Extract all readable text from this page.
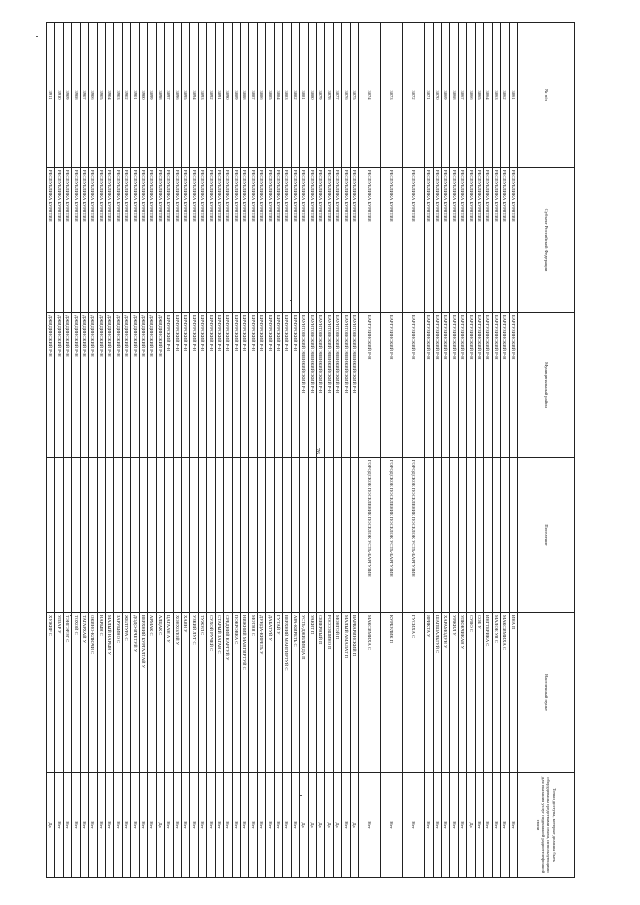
76
№ п/п	Субъект Российской Федерации	Муниципальный район	Поселение	Населенный пункт	Точки доступа, которые должны быть оборудованы средствами связи, использующими для оказания услуг подвижной радиотелефонной связи
3861	РЕСПУБЛИКА БУРЯТИЯ	БАРГУЗИНСКИЙ Р-Н		ИНА П	Нет
3862	РЕСПУБЛИКА БУРЯТИЯ	БАРГУЗИНСКИЙ Р-Н		МАКСИМИХА С	Нет
3863	РЕСПУБЛИКА БУРЯТИЯ	БАРГУЗИНСКИЙ Р-Н		МАЛОЕ УЯ С	Нет
3864	РЕСПУБЛИКА БУРЯТИЯ	БАРГУЗИНСКИЙ Р-Н		ИНГТЕРИКА С	Нет
3865	РЕСПУБЛИКА БУРЯТИЯ	БАРГУЗИНСКИЙ Р-Н		СОЕ У	Нет
3866	РЕСПУБЛИКА БУРЯТИЯ	БАРГУЗИНСКИЙ Р-Н		СУВО С	Да
3867	РЕСПУБЛИКА БУРЯТИЯ	БАРГУЗИНСКИЙ Р-Н		УЛЮКЧИКАН У	Нет
3868	РЕСПУБЛИКА БУРЯТИЯ	БАРГУЗИНСКИЙ Р-Н		УРЖИЛ У	Нет
3869	РЕСПУБЛИКА БУРЯТИЯ	БАРГУЗИНСКИЙ Р-Н		ХАРАМОДУН У	Нет
3870	РЕСПУБЛИКА БУРЯТИЯ	БАРГУЗИНСКИЙ Р-Н		ШАПШАЛЬТУЙ С	Нет
3871	РЕСПУБЛИКА БУРЯТИЯ	БАРГУЗИНСКИЙ Р-Н		ЯРИКТА У	Нет
3872	РЕСПУБЛИКА БУРЯТИЯ	БАРГУЗИНСКИЙ Р-Н	ГОРОДСКОЕ ПОСЕЛЕНИЕ ПОСЕЛОК УСТЬ-БАРГУЗИН	ГУСИХА С	Нет
3873	РЕСПУБЛИКА БУРЯТИЯ	БАРГУЗИНСКИЙ Р-Н	ГОРОДСКОЕ ПОСЕЛЕНИЕ ПОСЕЛОК УСТЬ-БАРГУЗИН	КУРБУЛИК П	Нет
3874	РЕСПУБЛИКА БУРЯТИЯ	БАРГУЗИНСКИЙ Р-Н	ГОРОДСКОЕ ПОСЕЛЕНИЕ ПОСЕЛОК УСТЬ-БАРГУЗИН	МАКСИМИХА С	Нет
3875	РЕСПУБЛИКА БУРЯТИЯ	БАУНТОВСКИЙ ЭВЕНКИЙСКИЙ Р-Н		ВАРВАРИНСКИЙ П	Да
3876	РЕСПУБЛИКА БУРЯТИЯ	БАУНТОВСКИЙ ЭВЕНКИЙСКИЙ Р-Н		МАЛЫЙ АМАЛАТ П	Нет
3877	РЕСПУБЛИКА БУРЯТИЯ	БАУНТОВСКИЙ ЭВЕНКИЙСКИЙ Р-Н		МОНГОЙ П	Да
3878	РЕСПУБЛИКА БУРЯТИЯ	БАУНТОВСКИЙ ЭВЕНКИЙСКИЙ Р-Н		РОССОШИНО П	Да
3879	РЕСПУБЛИКА БУРЯТИЯ	БАУНТОВСКИЙ ЭВЕНКИЙСКИЙ Р-Н		СЕВЕРНЫЙ П	Да
3880	РЕСПУБЛИКА БУРЯТИЯ	БАУНТОВСКИЙ ЭВЕНКИЙСКИЙ Р-Н		УАКИТ П	Да
3881	РЕСПУБЛИКА БУРЯТИЯ	БАУНТОВСКИЙ ЭВЕНКИЙСКИЙ Р-Н		УСТЬ-ДЖИЛИНДА П	Да
3882	РЕСПУБЛИКА БУРЯТИЯ	БИЧУРСКИЙ Р-Н		АРА-КИРЕТЬ С	Нет
3883	РЕСПУБЛИКА БУРЯТИЯ	БИЧУРСКИЙ Р-Н		ВЕРХНИЙ МАНГИРТУЙ С	Нет
3884	РЕСПУБЛИКА БУРЯТИЯ	БИЧУРСКИЙ Р-Н		ГУТАЙ У	Нет
3885	РЕСПУБЛИКА БУРЯТИЯ	БИЧУРСКИЙ Р-Н		ДАБАТУЙ У	Нет
3886	РЕСПУБЛИКА БУРЯТИЯ	БИЧУРСКИЙ Р-Н		ДУНДА-КИРЕТЬ У	Нет
3887	РЕСПУБЛИКА БУРЯТИЯ	БИЧУРСКИЙ Р-Н		МОТНЯ С	Нет
3888	РЕСПУБЛИКА БУРЯТИЯ	БИЧУРСКИЙ Р-Н		НИЖНИЙ МАНГИРТУЙ С	Нет
3889	РЕСПУБЛИКА БУРЯТИЯ	БИЧУРСКИЙ Р-Н		ПОКРОВКА С	Нет
3890	РЕСПУБЛИКА БУРЯТИЯ	БИЧУРСКИЙ Р-Н		СРЕДНИЙ КАРГУЙ У	Нет
3891	РЕСПУБЛИКА БУРЯТИЯ	БИЧУРСКИЙ Р-Н		СТАРЫЙ ЗАГАН С	Нет
3892	РЕСПУБЛИКА БУРЯТИЯ	БИЧУРСКИЙ Р-Н		СУХОЙ РУЧЕЙ С	Нет
3893	РЕСПУБЛИКА БУРЯТИЯ	БИЧУРСКИЙ Р-Н		ТУЖУЛ С	Нет
3894	РЕСПУБЛИКА БУРЯТИЯ	БИЧУРСКИЙ Р-Н		УЗКИЙ ЛУГ С	Нет
3895	РЕСПУБЛИКА БУРЯТИЯ	БИЧУРСКИЙ Р-Н		ХАЯН У	Нет
3896	РЕСПУБЛИКА БУРЯТИЯ	БИЧУРСКИЙ Р-Н		ХОНХОЛОЙ У	Нет
3897	РЕСПУБЛИКА БУРЯТИЯ	БИЧУРСКИЙ Р-Н		ЦАГААН А У	Нет
3898	РЕСПУБЛИКА БУРЯТИЯ	ДЖИДИНСКИЙ Р-Н		АЛЦАК С	Да
3899	РЕСПУБЛИКА БУРЯТИЯ	ДЖИДИНСКИЙ Р-Н		АРМАК С	Нет
3900	РЕСПУБЛИКА БУРЯТИЯ	ДЖИДИНСКИЙ Р-Н		ВЕРХНИЙ БУРГАЛТАЙ У	Нет
3901	РЕСПУБЛИКА БУРЯТИЯ	ДЖИДИНСКИЙ Р-Н		ДОДО-ИЧЕТУЙ У	Нет
3902	РЕСПУБЛИКА БУРЯТИЯ	ДЖИДИНСКИЙ Р-Н		ЖЕЛТУРА С	Нет
3903	РЕСПУБЛИКА БУРЯТИЯ	ДЖИДИНСКИЙ Р-Н		ЗАРУБИНО С	Нет
3904	РЕСПУБЛИКА БУРЯТИЯ	ДЖИДИНСКИЙ Р-Н		МАЛЫЙ НАРЫН У	Нет
3905	РЕСПУБЛИКА БУРЯТИЯ	ДЖИДИНСКИЙ Р-Н		НАРЫН С	Нет
3906	РЕСПУБЛИКА БУРЯТИЯ	ДЖИДИНСКИЙ Р-Н		ОКИНО-КЛЮЧИ С	Нет
3907	РЕСПУБЛИКА БУРЯТИЯ	ДЖИДИНСКИЙ Р-Н		ТАГАРХАЙ У	Нет
3908	РЕСПУБЛИКА БУРЯТИЯ	ДЖИДИНСКИЙ Р-Н		ТОХОЙ С	Нет
3909	РЕСПУБЛИКА БУРЯТИЯ	ДЖИДИНСКИЙ Р-Н		ТЭНГЭРЭГ С	Нет
3910	РЕСПУБЛИКА БУРЯТИЯ	ДЖИДИНСКИЙ Р-Н		УЛЗАР У	Нет
3911	РЕСПУБЛИКА БУРЯТИЯ	ДЖИДИНСКИЙ Р-Н		ХУЖИР С	Да
